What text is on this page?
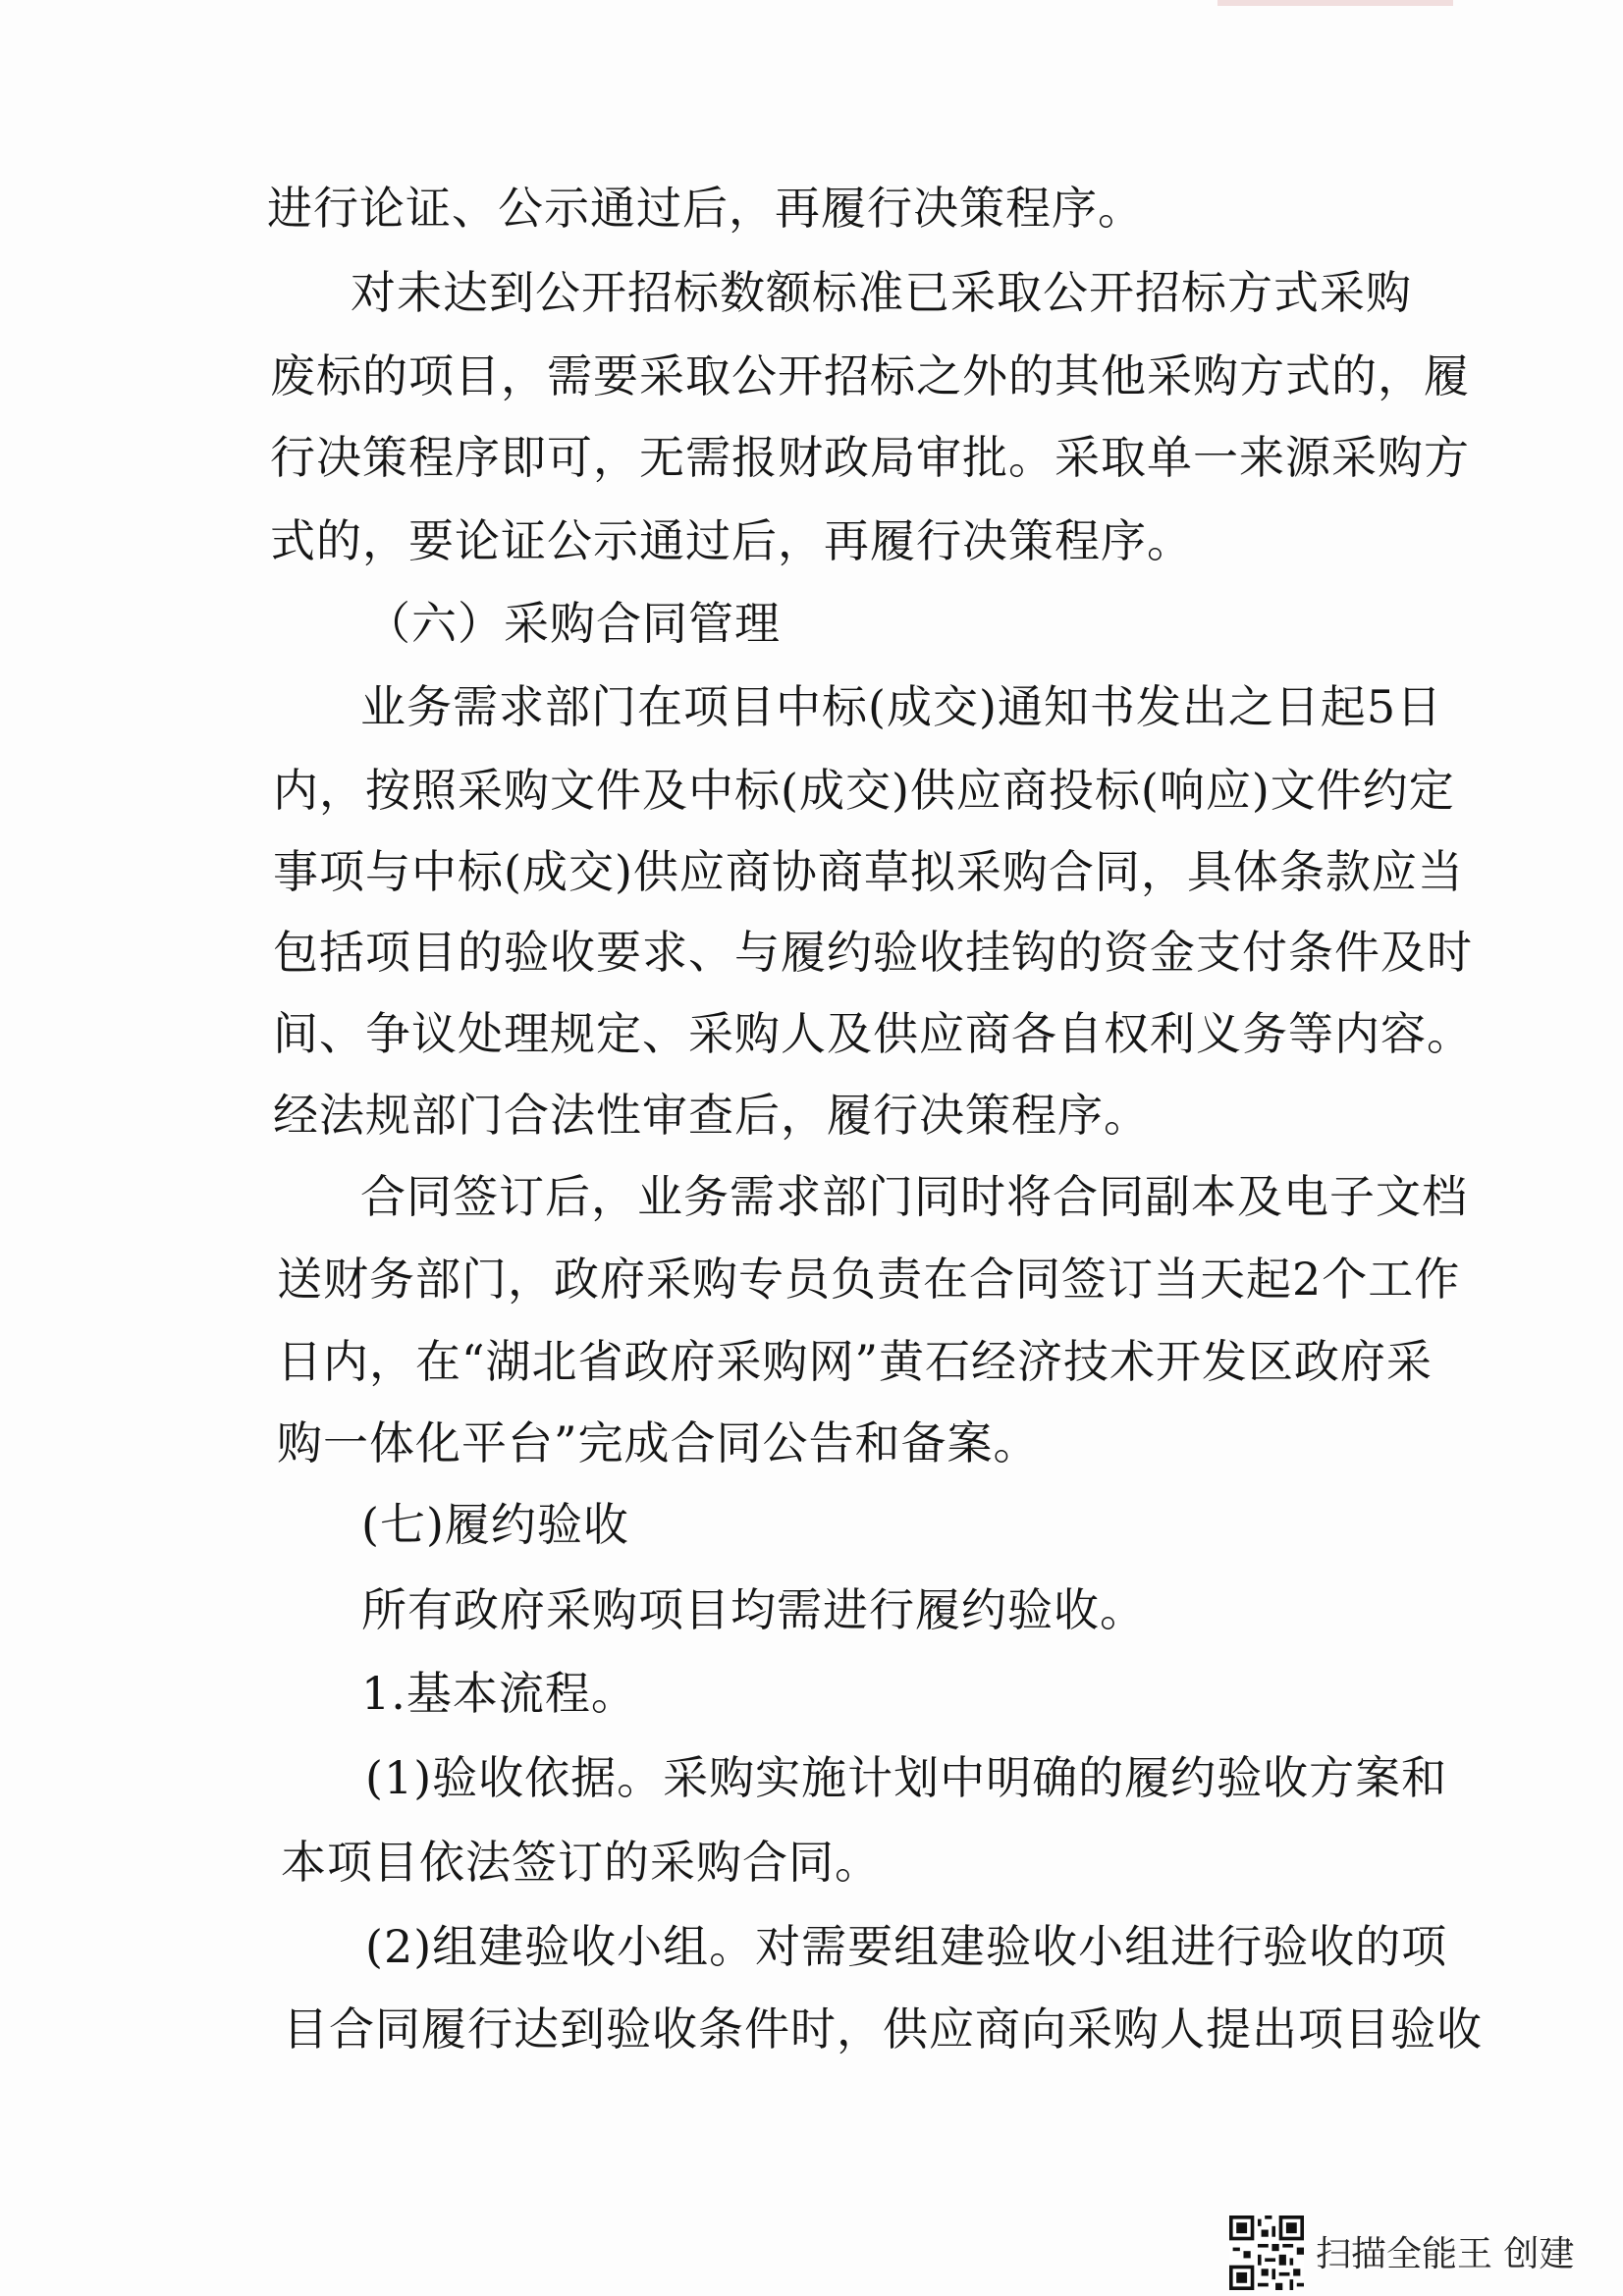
进行论证、公示通过后，再履行决策程序。
对未达到公开招标数额标准已采取公开招标方式采购
废标的项目，需要采取公开招标之外的其他采购方式的，履
行决策程序即可，无需报财政局审批。采取单一来源采购方
式的，要论证公示通过后，再履行决策程序。
（六）采购合同管理
业务需求部门在项目中标(成交)通知书发出之日起5日
内，按照采购文件及中标(成交)供应商投标(响应)文件约定
事项与中标(成交)供应商协商草拟采购合同，具体条款应当
包括项目的验收要求、与履约验收挂钩的资金支付条件及时
间、争议处理规定、采购人及供应商各自权利义务等内容。
经法规部门合法性审查后，履行决策程序。
合同签订后，业务需求部门同时将合同副本及电子文档
送财务部门，政府采购专员负责在合同签订当天起2个工作
日内，在“湖北省政府采购网”黄石经济技术开发区政府采
购一体化平台”完成合同公告和备案。
(七)履约验收
所有政府采购项目均需进行履约验收。
1.基本流程。
(1)验收依据。采购实施计划中明确的履约验收方案和
本项目依法签订的采购合同。
(2)组建验收小组。对需要组建验收小组进行验收的项
目合同履行达到验收条件时，供应商向采购人提出项目验收
扫描全能王 创建
